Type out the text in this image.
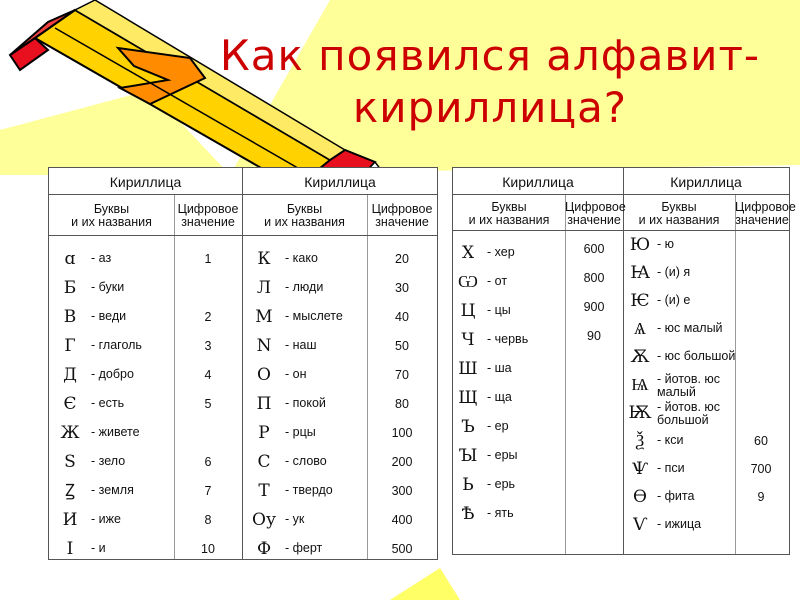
Как появился алфавит-
кириллица?
Кириллица	Кириллица
Буквы
и их названия
Цифровое
значение
Буквы
и их названия
Цифровое
значение
ɑ	- аз	1
Б	- буки
В	- веди	2
Г	- глаголь	3
Д	- добро	4
Є	- есть	5
Ж - живете
Ѕ	- зело	6
Ꙁ	- земля	7
И	- иже	8
І	- и	10
К	- како	20
Л	- люди	30
М - мыслете	40
N	- наш	50
О	- он	70
П	- покой	80
Р	- рцы	100
С	- слово	200
Т	- твердо	300
Оу - ук	400
Ф	- ферт	500
Кириллица	Кириллица
Буквы
и их названия
Цифровое
значение
Буквы
и их названия
Цифровое
значение
Х	- хер	600
Ѡ - от	800
Ц - цы	900
Ч - червь	90
Ш - ша
Щ - ща
Ъ - ер
Ꙑ - еры
Ь	- ерь
Ѣ	- ять
Ю - ю
Ꙗ - (и) я
Ѥ - (и) е
Ѧ - юс малый
Ѫ - юс большой
Ѩ - йотов. юс
малый
Ѭ - йотов. юс
большой
Ѯ	- кси	60
Ѱ - пси	700
Ѳ - фита	9
Ѵ - ижица
